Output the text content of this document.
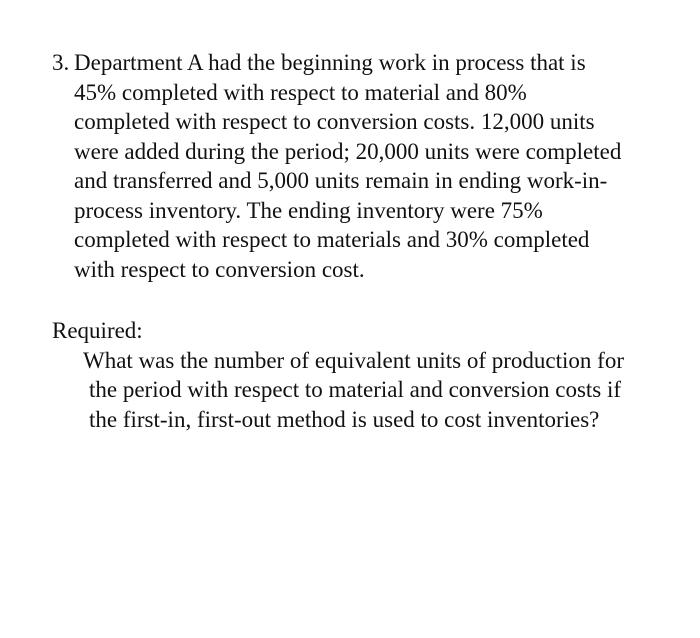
3. Department A had the beginning work in process that is
45% completed with respect to material and 80%
completed with respect to conversion costs. 12,000 units
were added during the period; 20,000 units were completed
and transferred and 5,000 units remain in ending work-in-
process inventory. The ending inventory were 75%
completed with respect to materials and 30% completed
with respect to conversion cost.
Required:
What was the number of equivalent units of production for
the period with respect to material and conversion costs if
the first-in, first-out method is used to cost inventories?
